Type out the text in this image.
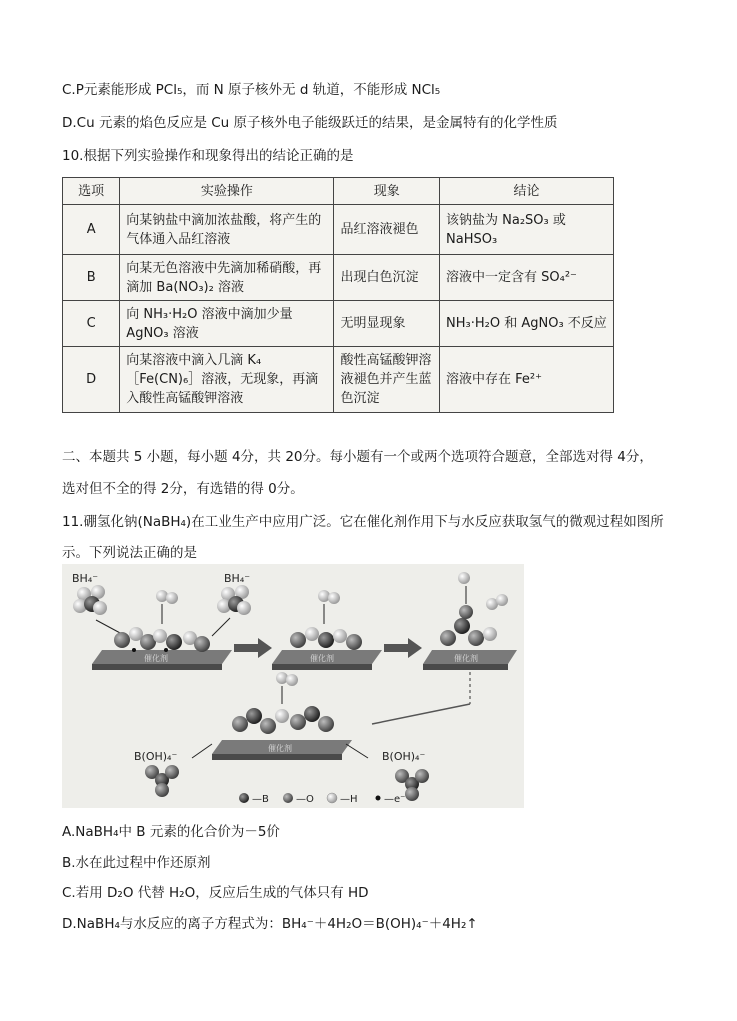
C.P元素能形成 PCl₅，而 N 原子核外无 d 轨道，不能形成 NCl₅
D.Cu 元素的焰色反应是 Cu 原子核外电子能级跃迁的结果，是金属特有的化学性质
10.根据下列实验操作和现象得出的结论正确的是
选项	实验操作	现象	结论
A	向某钠盐中滴加浓盐酸，将产生的气体通入品红溶液	品红溶液褪色	该钠盐为 Na₂SO₃ 或 NaHSO₃
B	向某无色溶液中先滴加稀硝酸，再滴加 Ba(NO₃)₂ 溶液	出现白色沉淀	溶液中一定含有 SO₄²⁻
C	向 NH₃·H₂O 溶液中滴加少量 AgNO₃ 溶液	无明显现象	NH₃·H₂O 和 AgNO₃ 不反应
D	向某溶液中滴入几滴 K₄［Fe(CN)₆］溶液，无现象，再滴入酸性高锰酸钾溶液	酸性高锰酸钾溶液褪色并产生蓝色沉淀	溶液中存在 Fe²⁺
二、本题共 5 小题，每小题 4分，共 20分。每小题有一个或两个选项符合题意，全部选对得 4分，
选对但不全的得 2分，有选错的得 0分。
11.硼氢化钠(NaBH₄)在工业生产中应用广泛。它在催化剂作用下与水反应获取氢气的微观过程如图所
示。下列说法正确的是
BH₄⁻	BH₄⁻
催化剂	催化剂	催化剂
催化剂
B(OH)₄⁻	B(OH)₄⁻
—B	—O	—H	—e⁻
A.NaBH₄中 B 元素的化合价为－5价
B.水在此过程中作还原剂
C.若用 D₂O 代替 H₂O，反应后生成的气体只有 HD
D.NaBH₄与水反应的离子方程式为：BH₄⁻＋4H₂O＝B(OH)₄⁻＋4H₂↑
